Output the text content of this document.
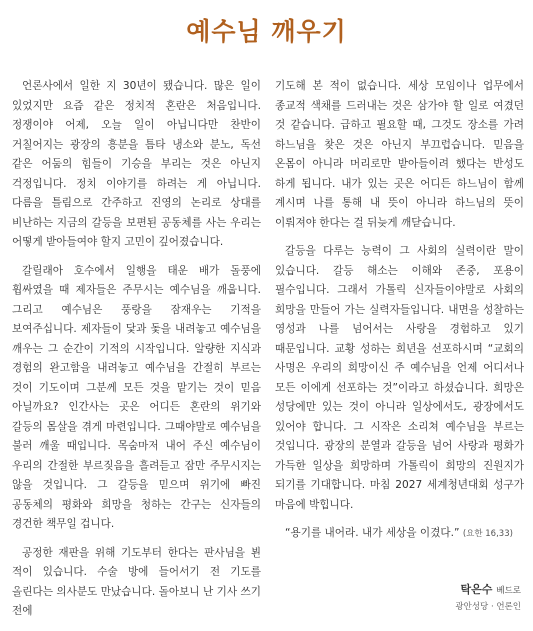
예수님 깨우기

언론사에서 일한 지 30년이 됐습니다. 많은 일이 있었지만 요즘 같은 정치적 혼란은 처음입니다. 정쟁이야 어제, 오늘 일이 아닙니다만 찬반이 거칠어지는 광장의 흥분을 틈타 냉소와 분노, 독선 같은 어둠의 힘들이 기승을 부리는 것은 아닌지 걱정입니다. 정치 이야기를 하려는 게 아닙니다. 다름을 틀림으로 간주하고 진영의 논리로 상대를 비난하는 지금의 갈등을 보편된 공동체를 사는 우리는 어떻게 받아들여야 할지 고민이 깊어졌습니다.

갈릴래아 호수에서 일행을 태운 배가 돌풍에 휩싸였을 때 제자들은 주무시는 예수님을 깨웁니다. 그리고 예수님은 풍랑을 잠재우는 기적을 보여주십니다. 제자들이 닻과 돛을 내려놓고 예수님을 깨우는 그 순간이 기적의 시작입니다. 알량한 지식과 경험의 완고함을 내려놓고 예수님을 간절히 부르는 것이 기도이며 그분께 모든 것을 맡기는 것이 믿음 아닐까요? 인간사는 곳은 어디든 혼란의 위기와 갈등의 몸살을 겪게 마련입니다. 그때야말로 예수님을 불러 깨울 때입니다. 목숨마저 내어 주신 예수님이 우리의 간절한 부르짖음을 흘려듣고 잠만 주무시지는 않을 것입니다. 그 갈등을 믿으며 위기에 빠진 공동체의 평화와 희망을 청하는 간구는 신자들의 경건한 책무일 겁니다.

공정한 재판을 위해 기도부터 한다는 판사님을 뵌 적이 있습니다. 수술 방에 들어서기 전 기도를 올린다는 의사분도 만났습니다. 돌아보니 난 기사 쓰기 전에

기도해 본 적이 없습니다. 세상 모임이나 업무에서 종교적 색채를 드러내는 것은 삼가야 할 일로 여겼던 것 같습니다. 급하고 필요할 때, 그것도 장소를 가려 하느님을 찾은 것은 아닌지 부끄럽습니다. 믿음을 온몸이 아니라 머리로만 받아들이려 했다는 반성도 하게 됩니다. 내가 있는 곳은 어디든 하느님이 함께 계시며 나를 통해 내 뜻이 아니라 하느님의 뜻이 이뤄져야 한다는 걸 뒤늦게 깨닫습니다.

갈등을 다루는 능력이 그 사회의 실력이란 말이 있습니다. 갈등 해소는 이해와 존중, 포용이 필수입니다. 그래서 가톨릭 신자들이야말로 사회의 희망을 만들어 가는 실력자들입니다. 내면을 성찰하는 영성과 나를 넘어서는 사랑을 경험하고 있기 때문입니다. 교황 성하는 희년을 선포하시며 “교회의 사명은 우리의 희망이신 주 예수님을 언제 어디서나 모든 이에게 선포하는 것”이라고 하셨습니다. 희망은 성당에만 있는 것이 아니라 일상에서도, 광장에서도 있어야 합니다. 그 시작은 소리쳐 예수님을 부르는 것입니다. 광장의 분열과 갈등을 넘어 사랑과 평화가 가득한 일상을 희망하며 가톨릭이 희망의 진원지가 되기를 기대합니다. 마침 2027 세계청년대회 성구가 마음에 박힙니다.

“용기를 내어라. 내가 세상을 이겼다.” (요한 16,33)
탁은수 베드로
광안성당 · 언론인
